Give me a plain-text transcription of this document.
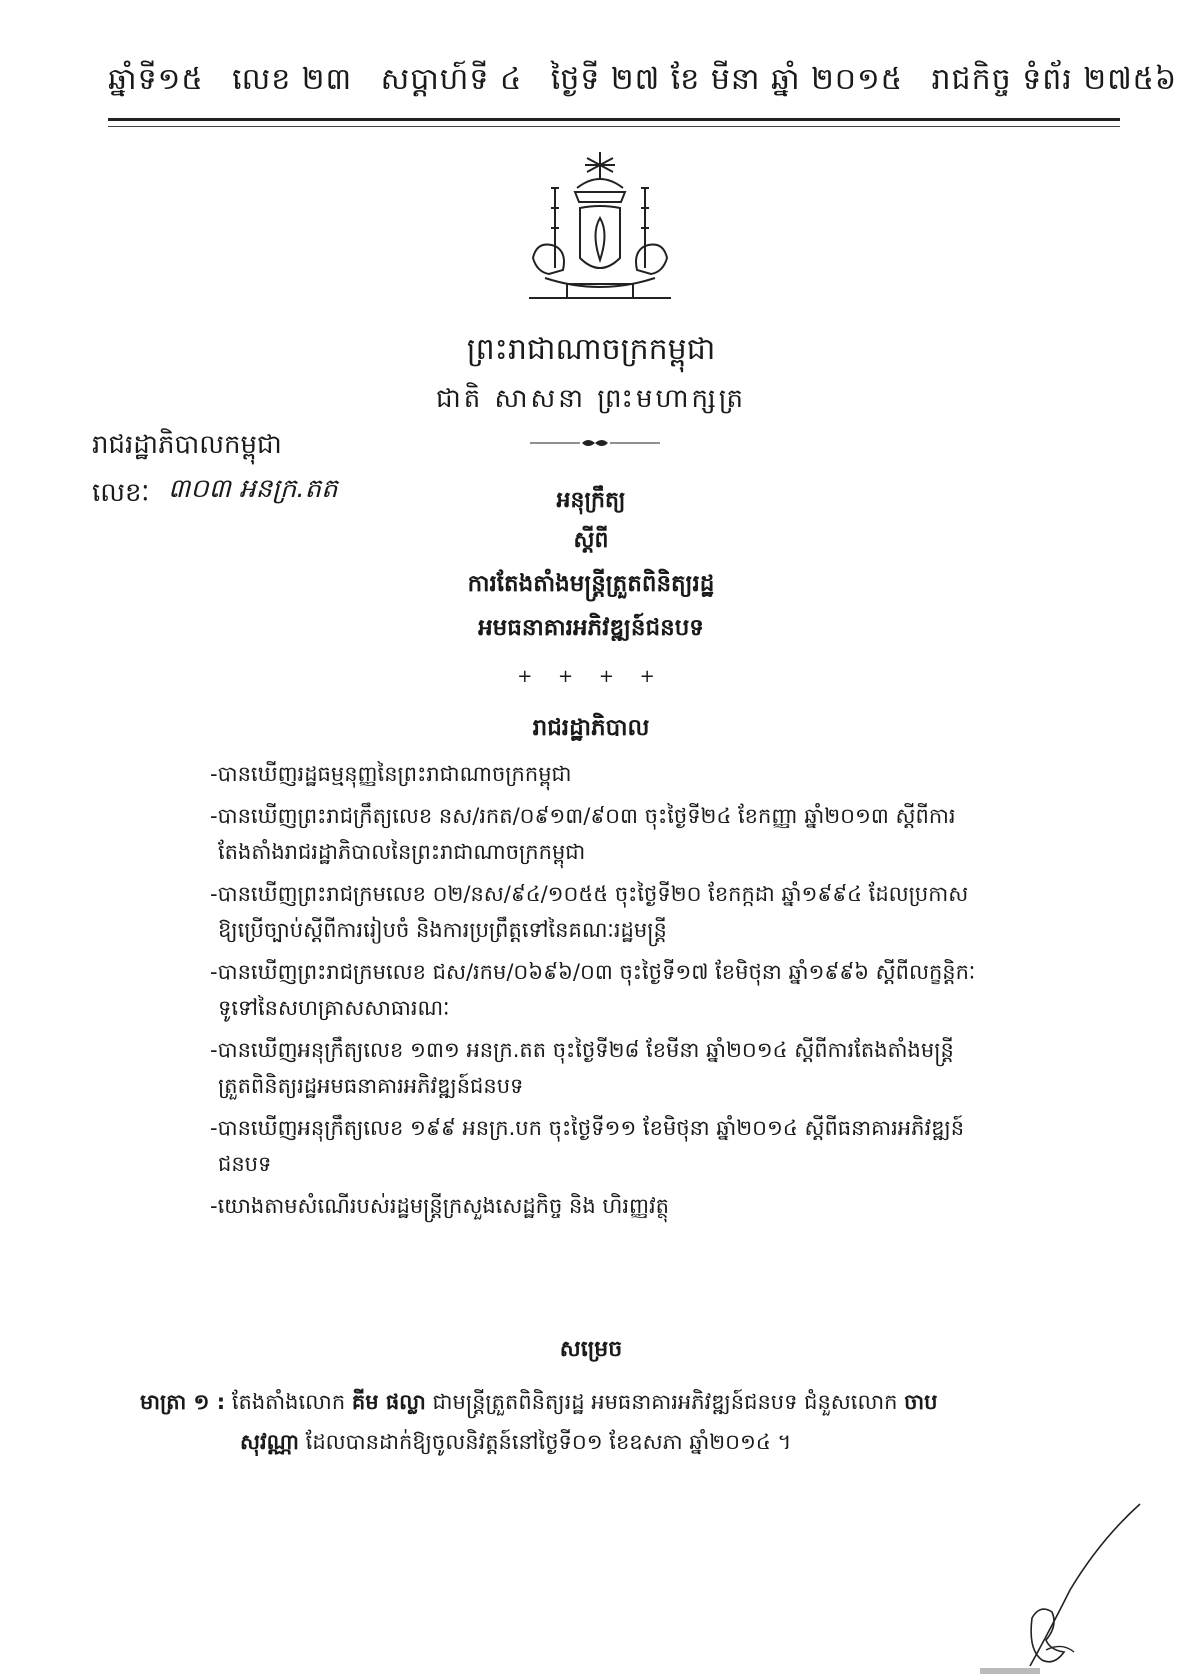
ឆ្នាំទី១៥ លេខ ២៣ សប្តាហ៍ទី ៤ ថ្ងៃទី ២៧ ខែ មីនា ឆ្នាំ ២០១៥ រាជកិច្ច ទំព័រ ២៧៥៦
ព្រះរាជាណាចក្រកម្ពុជា
ជាតិ សាសនា ព្រះមហាក្សត្រ
រាជរដ្ឋាភិបាលកម្ពុជា
លេខៈ ៣០៣ អនក្រ.តត	អនុក្រឹត្យ
ស្តីពី
ការតែងតាំងមន្ត្រីត្រួតពិនិត្យរដ្ឋ
អមធនាគារអភិវឌ្ឍន៍ជនបទ
+ + + +
រាជរដ្ឋាភិបាល
-បានឃើញរដ្ឋធម្មនុញ្ញនៃព្រះរាជាណាចក្រកម្ពុជា
-បានឃើញព្រះរាជក្រឹត្យលេខ នស/រកត/០៩១៣/៩០៣ ចុះថ្ងៃទី២៤ ខែកញ្ញា ឆ្នាំ២០១៣ ស្តីពីការ
តែងតាំងរាជរដ្ឋាភិបាលនៃព្រះរាជាណាចក្រកម្ពុជា
-បានឃើញព្រះរាជក្រមលេខ ០២/នស/៩៤/១០៥៥ ចុះថ្ងៃទី២០ ខែកក្កដា ឆ្នាំ១៩៩៤ ដែលប្រកាស
ឱ្យប្រើច្បាប់ស្តីពីការរៀបចំ និងការប្រព្រឹត្តទៅនៃគណៈរដ្ឋមន្ត្រី
-បានឃើញព្រះរាជក្រមលេខ ជស/រកម/០៦៩៦/០៣ ចុះថ្ងៃទី១៧ ខែមិថុនា ឆ្នាំ១៩៩៦ ស្តីពីលក្ខន្តិកៈ
ទូទៅនៃសហគ្រាសសាធារណៈ
-បានឃើញអនុក្រឹត្យលេខ ១៣១ អនក្រ.តត ចុះថ្ងៃទី២៨ ខែមីនា ឆ្នាំ២០១៤ ស្តីពីការតែងតាំងមន្ត្រី
ត្រួតពិនិត្យរដ្ឋអមធនាគារអភិវឌ្ឍន៍ជនបទ
-បានឃើញអនុក្រឹត្យលេខ ១៩៩ អនក្រ.បក ចុះថ្ងៃទី១១ ខែមិថុនា ឆ្នាំ២០១៤ ស្តីពីធនាគារអភិវឌ្ឍន៍
ជនបទ
-យោងតាមសំណើរបស់រដ្ឋមន្ត្រីក្រសួងសេដ្ឋកិច្ច និង ហិរញ្ញវត្ថុ
សម្រេច
មាត្រា ១ : តែងតាំងលោក គីម ផល្លា ជាមន្ត្រីត្រួតពិនិត្យរដ្ឋ អមធនាគារអភិវឌ្ឍន៍ជនបទ ជំនួសលោក ចាប
សុវណ្ណា ដែលបានដាក់ឱ្យចូលនិវត្តន៍នៅថ្ងៃទី០១ ខែឧសភា ឆ្នាំ២០១៤ ។
